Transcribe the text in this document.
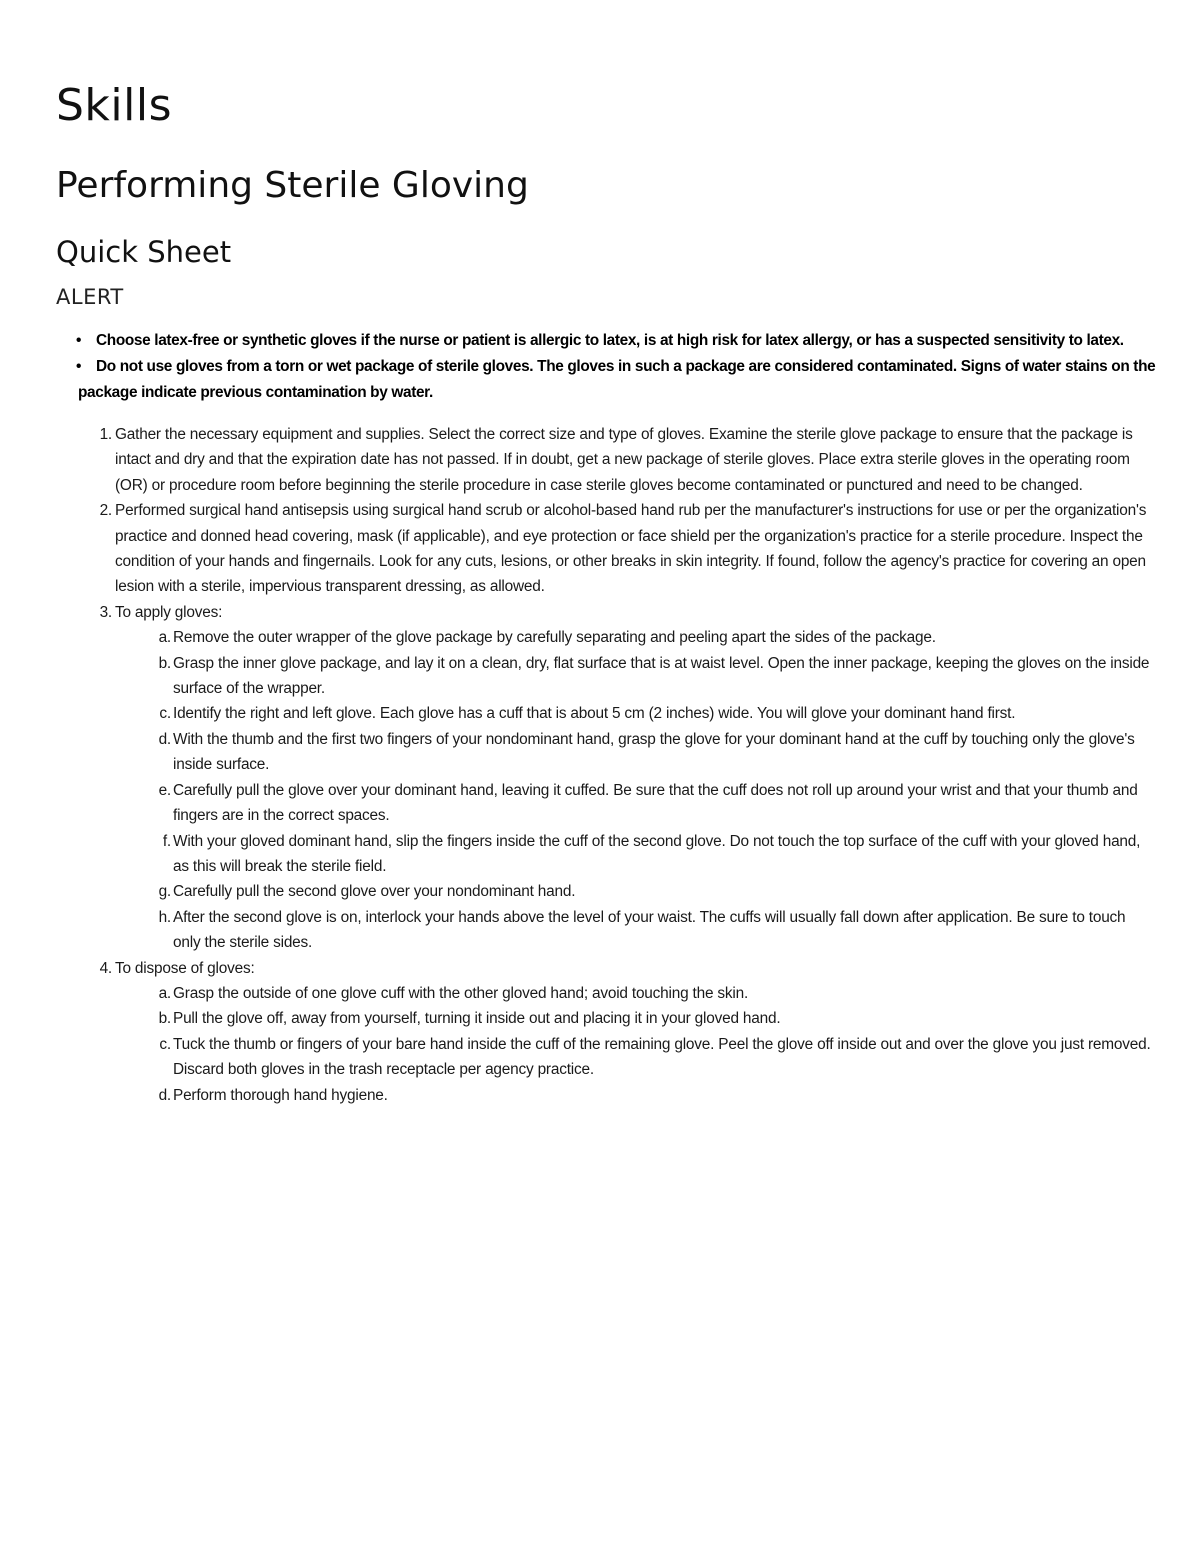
Skills
Performing Sterile Gloving
Quick Sheet
ALERT
• Choose latex-free or synthetic gloves if the nurse or patient is allergic to latex, is at high risk for latex allergy, or has a suspected sensitivity to latex.
• Do not use gloves from a torn or wet package of sterile gloves. The gloves in such a package are considered contaminated. Signs of water stains on the package indicate previous contamination by water.
1. Gather the necessary equipment and supplies. Select the correct size and type of gloves. Examine the sterile glove package to ensure that the package is intact and dry and that the expiration date has not passed. If in doubt, get a new package of sterile gloves. Place extra sterile gloves in the operating room (OR) or procedure room before beginning the sterile procedure in case sterile gloves become contaminated or punctured and need to be changed.
2. Performed surgical hand antisepsis using surgical hand scrub or alcohol-based hand rub per the manufacturer's instructions for use or per the organization's practice and donned head covering, mask (if applicable), and eye protection or face shield per the organization's practice for a sterile procedure. Inspect the condition of your hands and fingernails. Look for any cuts, lesions, or other breaks in skin integrity. If found, follow the agency's practice for covering an open lesion with a sterile, impervious transparent dressing, as allowed.
3. To apply gloves:
a. Remove the outer wrapper of the glove package by carefully separating and peeling apart the sides of the package.
b. Grasp the inner glove package, and lay it on a clean, dry, flat surface that is at waist level. Open the inner package, keeping the gloves on the inside surface of the wrapper.
c. Identify the right and left glove. Each glove has a cuff that is about 5 cm (2 inches) wide. You will glove your dominant hand first.
d. With the thumb and the first two fingers of your nondominant hand, grasp the glove for your dominant hand at the cuff by touching only the glove's inside surface.
e. Carefully pull the glove over your dominant hand, leaving it cuffed. Be sure that the cuff does not roll up around your wrist and that your thumb and fingers are in the correct spaces.
f. With your gloved dominant hand, slip the fingers inside the cuff of the second glove. Do not touch the top surface of the cuff with your gloved hand, as this will break the sterile field.
g. Carefully pull the second glove over your nondominant hand.
h. After the second glove is on, interlock your hands above the level of your waist. The cuffs will usually fall down after application. Be sure to touch only the sterile sides.
4. To dispose of gloves:
a. Grasp the outside of one glove cuff with the other gloved hand; avoid touching the skin.
b. Pull the glove off, away from yourself, turning it inside out and placing it in your gloved hand.
c. Tuck the thumb or fingers of your bare hand inside the cuff of the remaining glove. Peel the glove off inside out and over the glove you just removed. Discard both gloves in the trash receptacle per agency practice.
d. Perform thorough hand hygiene.
